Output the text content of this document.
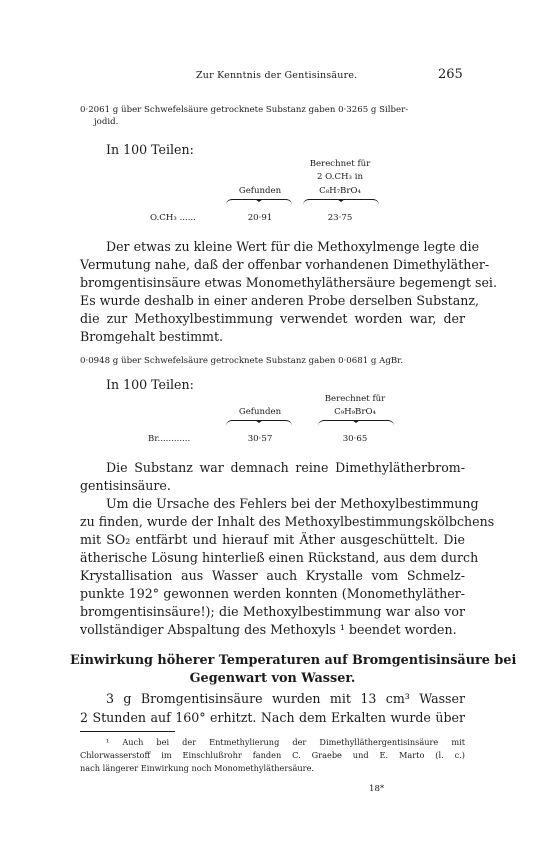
Zur Kenntnis der Gentisinsäure.	265
0·2061 g über Schwefelsäure getrocknete Substanz gaben 0·3265 g Silber-
jodid.
In 100 Teilen:
Berechnet für
2 O.CH₃ in
Gefunden	C₈H₇BrO₄
O.CH₃ ......	20·91	23·75
Der etwas zu kleine Wert für die Methoxylmenge legte die
Vermutung nahe, daß der offenbar vorhandenen Dimethyläther-
bromgentisinsäure etwas Monomethyläthersäure begemengt sei.
Es wurde deshalb in einer anderen Probe derselben Substanz,
die zur Methoxylbestimmung verwendet worden war, der
Bromgehalt bestimmt.
0·0948 g über Schwefelsäure getrocknete Substanz gaben 0·0681 g AgBr.
In 100 Teilen:
Berechnet für
Gefunden	C₉H₉BrO₄
Br............	30·57	30·65
Die Substanz war demnach reine Dimethylätherbrom-
gentisinsäure.
Um die Ursache des Fehlers bei der Methoxylbestimmung
zu finden, wurde der Inhalt des Methoxylbestimmungskölbchens
mit SO₂ entfärbt und hierauf mit Äther ausgeschüttelt. Die
ätherische Lösung hinterließ einen Rückstand, aus dem durch
Krystallisation aus Wasser auch Krystalle vom Schmelz-
punkte 192° gewonnen werden konnten (Monomethyläther-
bromgentisinsäure!); die Methoxylbestimmung war also vor
vollständiger Abspaltung des Methoxyls ¹ beendet worden.
Einwirkung höherer Temperaturen auf Bromgentisinsäure bei
Gegenwart von Wasser.
3 g Bromgentisinsäure wurden mit 13 cm³ Wasser
2 Stunden auf 160° erhitzt. Nach dem Erkalten wurde über
¹ Auch bei der Entmethylierung der Dimethylläthergentisinsäure mit
Chlorwasserstoff im Einschlußrohr fanden C. Graebe und E. Marto (l. c.)
nach längerer Einwirkung noch Monomethyläthersäure.
18*
